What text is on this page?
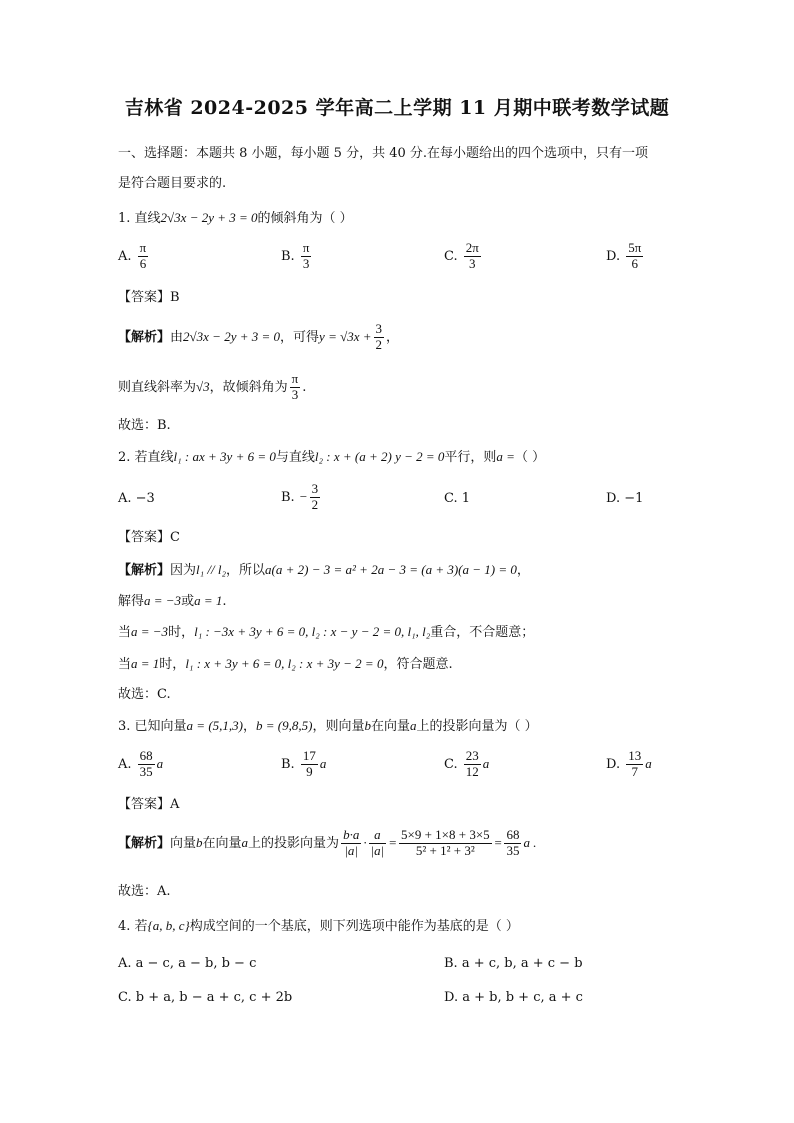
吉林省 2024-2025 学年高二上学期 11 月期中联考数学试题
一、选择题：本题共 8 小题，每小题 5 分，共 40 分.在每小题给出的四个选项中，只有一项
是符合题目要求的.
1. 直线2√3x − 2y + 3 = 0的倾斜角为（ ）
A. $\frac{\pi}{6}$	B. $\frac{\pi}{3}$	C. $\frac{2\pi}{3}$	D. $\frac{5\pi}{6}$
【答案】B
【解析】由2√3x − 2y + 3 = 0，可得$y = √3x + \frac{3}{2}$ ，
则直线斜率为√3，故倾斜角为 $\frac{\pi}{3}$ .
故选：B.
2. 若直线l₁ : ax + 3y + 6 = 0与直线l₂ : x + (a + 2) y − 2 = 0平行，则a =（ ）
A. −3	B. − $\frac{3}{2}$	C. 1	D. −1
【答案】C
【解析】因为l₁ // l₂，所以a(a + 2) − 3 = a² + 2a − 3 = (a + 3)(a − 1) = 0，
解得a = −3或a = 1.
当a = −3时，l₁ : −3x + 3y + 6 = 0, l₂ : x − y − 2 = 0, l₁, l₂重合，不合题意；
当a = 1时，l₁ : x + 3y + 6 = 0, l₂ : x + 3y − 2 = 0，符合题意.
故选：C.
3. 已知向量a = (5,1,3)，b = (9,8,5)，则向量b在向量a上的投影向量为（ ）
A. $\frac{68}{35}$ a	B. $\frac{17}{9}$ a	C. $\frac{23}{12}$ a	D. $\frac{13}{7}$ a
【答案】A
【解析】向量b在向量a上的投影向量为 $\frac{b\cdot a}{|a|} \cdot \frac{a}{|a|} = \frac{5\times 9 + 1\times 8 + 3\times 5}{\text{5² + 1² + 3²}} = \frac{68}{35}$ a .
故选：A.
4. 若{a, b, c}构成空间的一个基底，则下列选项中能作为基底的是（ ）
A. a − c, a − b, b − c	B. a + c, b, a + c − b
C. b + a, b − a + c, c + 2b	D. a + b, b + c, a + c
